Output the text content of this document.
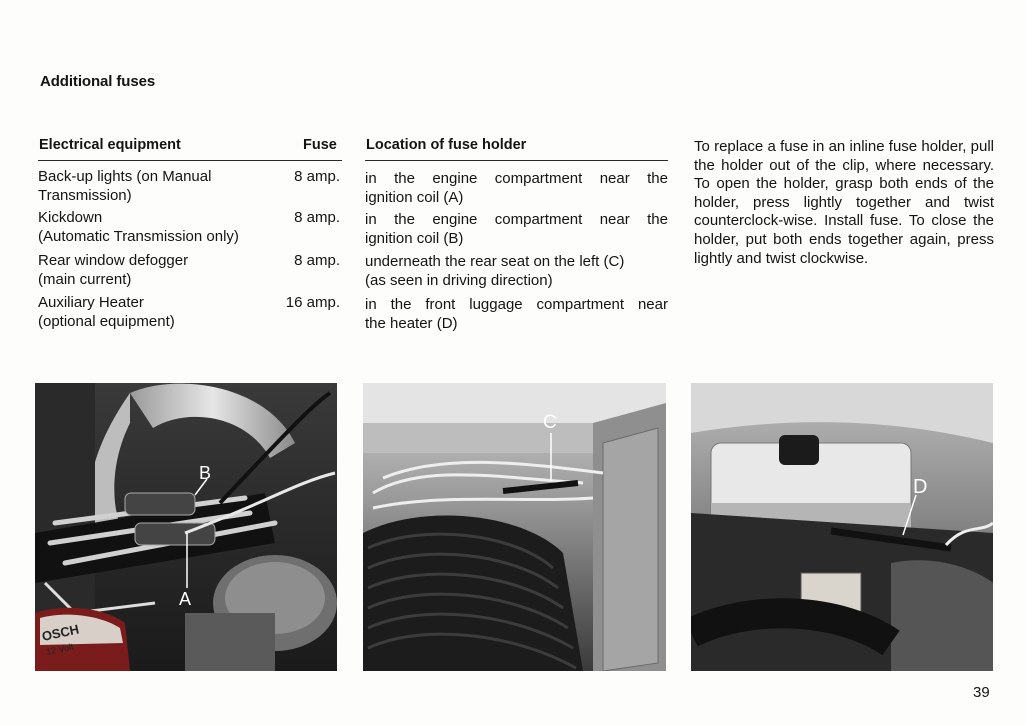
Additional fuses
Electrical equipment	Fuse Location of fuse holder
Back-up lights (on Manual
Transmission)
8 amp. in the engine compartment near the
ignition coil (A)
Kickdown
(Automatic Transmission only)
8 amp. in the engine compartment near the
ignition coil (B)
Rear window defogger
(main current)
8 amp. underneath the rear seat on the left (C)
(as seen in driving direction)
Auxiliary Heater
(optional equipment)
16 amp. in the front luggage compartment near
the heater (D)
To replace a fuse in an inline fuse holder, pull the holder out of the clip, where necessary. To open the holder, grasp both ends of the holder, press lightly together and twist counterclock-wise. Install fuse. To close the holder, put both ends together again, press lightly and twist clockwise.
OSCH
12 Volt
B
A
C
D
39
